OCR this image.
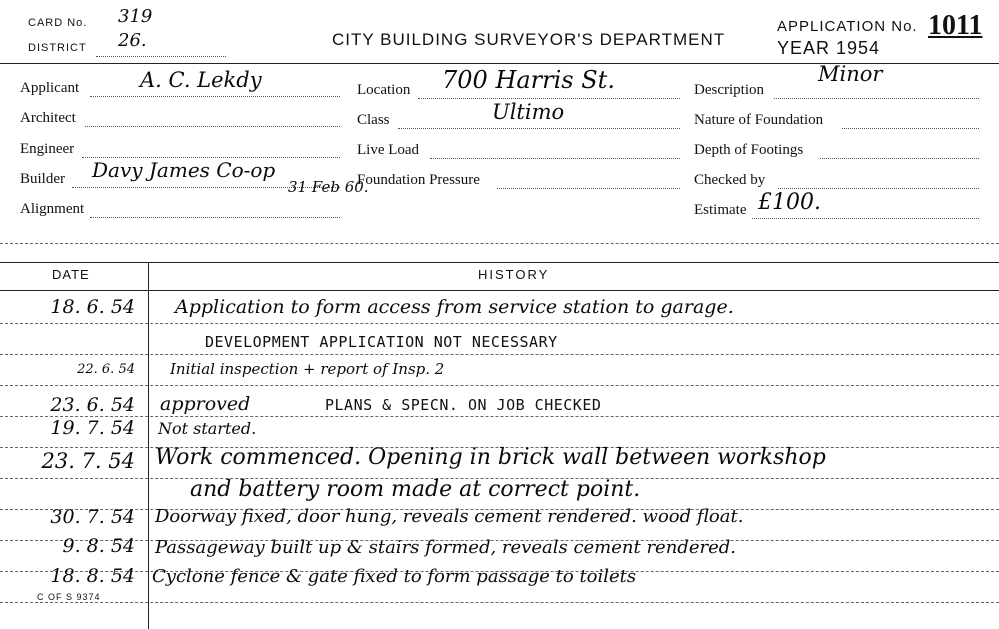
CARD No. 319
DISTRICT 26.	CITY BUILDING SURVEYOR'S DEPARTMENT
APPLICATION No. 1011
YEAR 1954
Applicant	A. C. Lekdy
Architect
Engineer
Builder Davy James Co-op
31 Feb 60.
Alignment
Location 700 Harris St.
Class	Ultimo
Live Load
Foundation Pressure
Description
Minor
Nature of Foundation
Depth of Footings
Checked by
Estimate £100.
DATE	HISTORY
18. 6. 54 Application to form access from service station to garage.
DEVELOPMENT APPLICATION NOT NECESSARY
22. 6. 54 Initial inspection + report of Insp. 2
23. 6. 54 approved	PLANS & SPECN. ON JOB CHECKED
19. 7. 54 Not started.
23. 7. 54 Work commenced. Opening in brick wall between workshop
and battery room made at correct point.
30. 7. 54 Doorway fixed, door hung, reveals cement rendered. wood float.
9. 8. 54 Passageway built up & stairs formed, reveals cement rendered.
18. 8. 54 Cyclone fence & gate fixed to form passage to toilets
C OF S 9374
